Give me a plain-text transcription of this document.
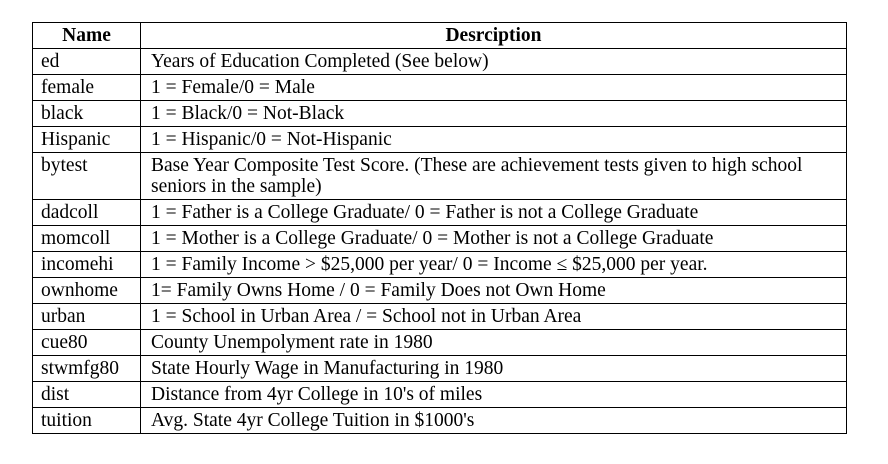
Name	Desrciption
ed	Years of Education Completed (See below)
female	1 = Female/0 = Male
black	1 = Black/0 = Not-Black
Hispanic	1 = Hispanic/0 = Not-Hispanic
bytest	Base Year Composite Test Score. (These are achievement tests given to high school seniors in the sample)
dadcoll	1 = Father is a College Graduate/ 0 = Father is not a College Graduate
momcoll	1 = Mother is a College Graduate/ 0 = Mother is not a College Graduate
incomehi	1 = Family Income > $25,000 per year/ 0 = Income ≤ $25,000 per year.
ownhome	1= Family Owns Home / 0 = Family Does not Own Home
urban	1 = School in Urban Area / = School not in Urban Area
cue80	County Unempolyment rate in 1980
stwmfg80	State Hourly Wage in Manufacturing in 1980
dist	Distance from 4yr College in 10's of miles
tuition	Avg. State 4yr College Tuition in $1000's
